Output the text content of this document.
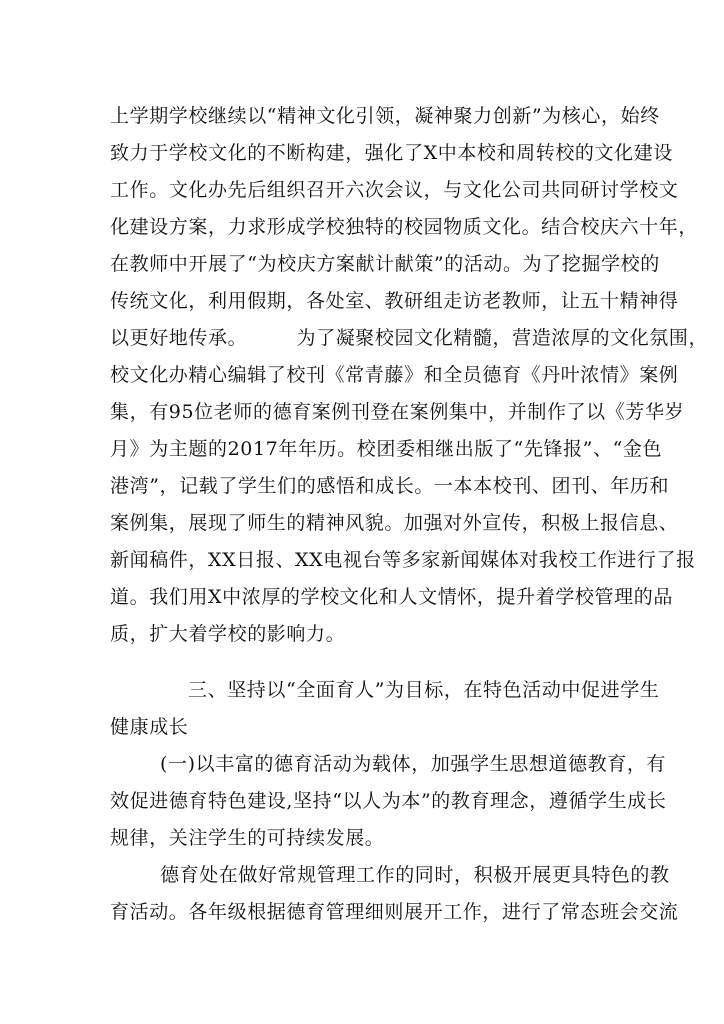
上学期学校继续以“精神文化引领，凝神聚力创新”为核心，始终
致力于学校文化的不断构建，强化了X中本校和周转校的文化建设
工作。文化办先后组织召开六次会议，与文化公司共同研讨学校文
化建设方案，力求形成学校独特的校园物质文化。结合校庆六十年，
在教师中开展了“为校庆方案献计献策”的活动。为了挖掘学校的
传统文化，利用假期，各处室、教研组走访老教师，让五十精神得
以更好地传承。　　　为了凝聚校园文化精髓，营造浓厚的文化氛围，
校文化办精心编辑了校刊《常青藤》和全员德育《丹叶浓情》案例
集，有95位老师的德育案例刊登在案例集中，并制作了以《芳华岁
月》为主题的2017年年历。校团委相继出版了“先锋报”、“金色
港湾”，记载了学生们的感悟和成长。一本本校刊、团刊、年历和
案例集，展现了师生的精神风貌。加强对外宣传，积极上报信息、
新闻稿件，XX日报、XX电视台等多家新闻媒体对我校工作进行了报
道。我们用X中浓厚的学校文化和人文情怀，提升着学校管理的品
质，扩大着学校的影响力。
三、坚持以“全面育人”为目标，在特色活动中促进学生
健康成长
(一)以丰富的德育活动为载体，加强学生思想道德教育，有
效促进德育特色建设,坚持“以人为本”的教育理念，遵循学生成长
规律，关注学生的可持续发展。
德育处在做好常规管理工作的同时，积极开展更具特色的教
育活动。各年级根据德育管理细则展开工作，进行了常态班会交流
